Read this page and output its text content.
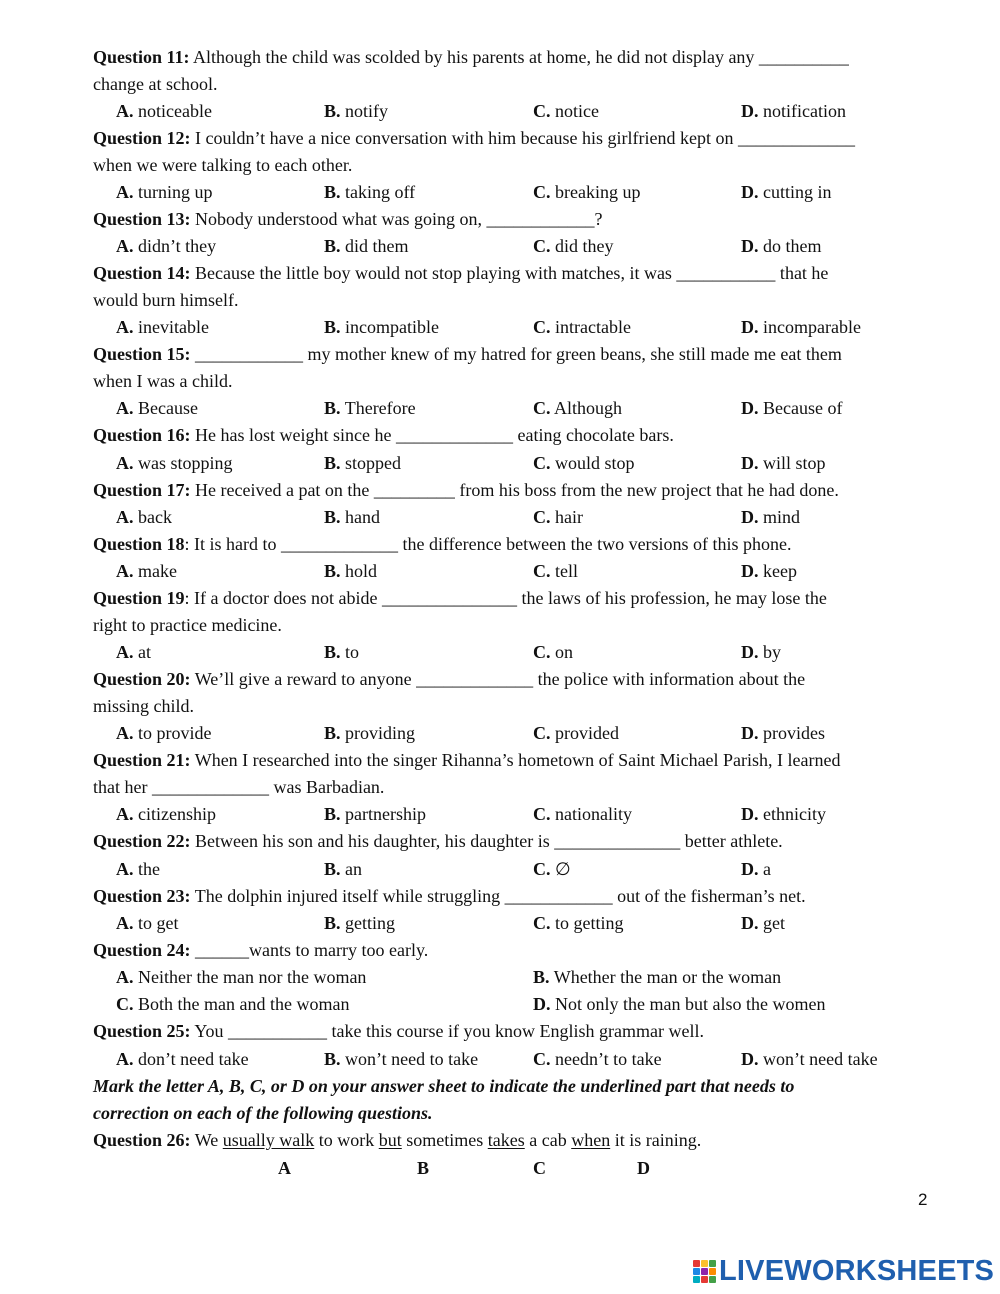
Question 11: Although the child was scolded by his parents at home, he did not display any __________
change at school.
A. noticeable	B. notify	C. notice	D. notification
Question 12: I couldn’t have a nice conversation with him because his girlfriend kept on _____________
when we were talking to each other.
A. turning up	B. taking off	C. breaking up	D. cutting in
Question 13: Nobody understood what was going on, ____________?
A. didn’t they	B. did them	C. did they	D. do them
Question 14: Because the little boy would not stop playing with matches, it was ___________ that he
would burn himself.
A. inevitable	B. incompatible	C. intractable	D. incomparable
Question 15: ____________ my mother knew of my hatred for green beans, she still made me eat them
when I was a child.
A. Because	B. Therefore	C. Although	D. Because of
Question 16: He has lost weight since he _____________ eating chocolate bars.
A. was stopping	B. stopped	C. would stop	D. will stop
Question 17: He received a pat on the _________ from his boss from the new project that he had done.
A. back	B. hand	C. hair	D. mind
Question 18: It is hard to _____________ the difference between the two versions of this phone.
A. make	B. hold	C. tell	D. keep
Question 19: If a doctor does not abide _______________ the laws of his profession, he may lose the
right to practice medicine.
A. at	B. to	C. on	D. by
Question 20: We’ll give a reward to anyone _____________ the police with information about the
missing child.
A. to provide	B. providing	C. provided	D. provides
Question 21: When I researched into the singer Rihanna’s hometown of Saint Michael Parish, I learned
that her _____________ was Barbadian.
A. citizenship	B. partnership	C. nationality	D. ethnicity
Question 22: Between his son and his daughter, his daughter is ______________ better athlete.
A. the	B. an	C. ∅	D. a
Question 23: The dolphin injured itself while struggling ____________ out of the fisherman’s net.
A. to get	B. getting	C. to getting	D. get
Question 24: ______wants to marry too early.
A. Neither the man nor the woman	B. Whether the man or the woman
C. Both the man and the woman	D. Not only the man but also the women
Question 25: You ___________ take this course if you know English grammar well.
A. don’t need take	B. won’t need to take	C. needn’t to take	D. won’t need take
Mark the letter A, B, C, or D on your answer sheet to indicate the underlined part that needs to
correction on each of the following questions.
Question 26: We usually walk to work but sometimes takes a cab when it is raining.
A	B	C	D
2
LIVEWORKSHEETS
